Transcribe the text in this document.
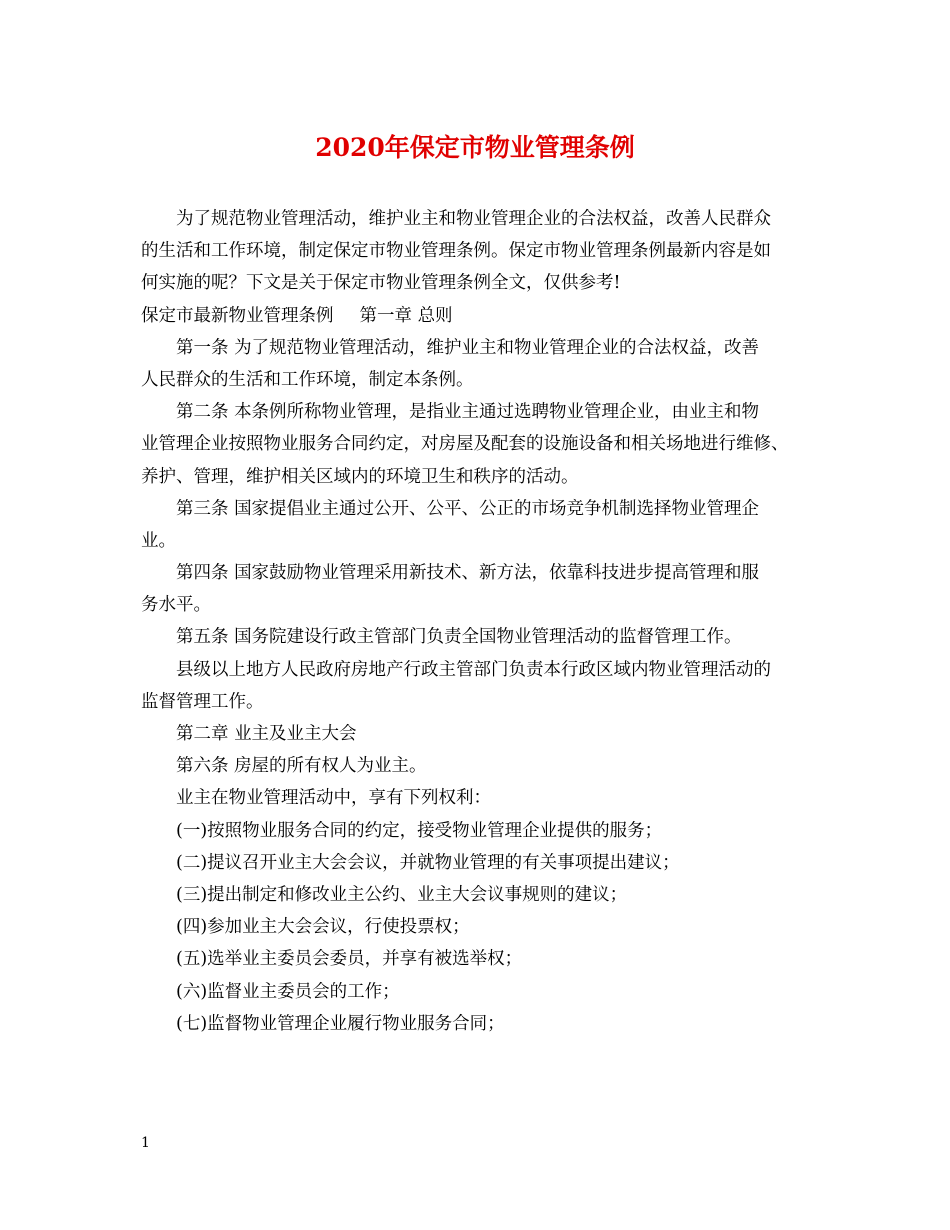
2020年保定市物业管理条例
为了规范物业管理活动，维护业主和物业管理企业的合法权益，改善人民群众
的生活和工作环境，制定保定市物业管理条例。保定市物业管理条例最新内容是如
何实施的呢？下文是关于保定市物业管理条例全文，仅供参考!
保定市最新物业管理条例 第一章 总则
第一条 为了规范物业管理活动，维护业主和物业管理企业的合法权益，改善
人民群众的生活和工作环境，制定本条例。
第二条 本条例所称物业管理，是指业主通过选聘物业管理企业，由业主和物
业管理企业按照物业服务合同约定，对房屋及配套的设施设备和相关场地进行维修、
养护、管理，维护相关区域内的环境卫生和秩序的活动。
第三条 国家提倡业主通过公开、公平、公正的市场竞争机制选择物业管理企
业。
第四条 国家鼓励物业管理采用新技术、新方法，依靠科技进步提高管理和服
务水平。
第五条 国务院建设行政主管部门负责全国物业管理活动的监督管理工作。
县级以上地方人民政府房地产行政主管部门负责本行政区域内物业管理活动的
监督管理工作。
第二章 业主及业主大会
第六条 房屋的所有权人为业主。
业主在物业管理活动中，享有下列权利：
(一)按照物业服务合同的约定，接受物业管理企业提供的服务；
(二)提议召开业主大会会议，并就物业管理的有关事项提出建议；
(三)提出制定和修改业主公约、业主大会议事规则的建议；
(四)参加业主大会会议，行使投票权；
(五)选举业主委员会委员，并享有被选举权；
(六)监督业主委员会的工作；
(七)监督物业管理企业履行物业服务合同；
1
